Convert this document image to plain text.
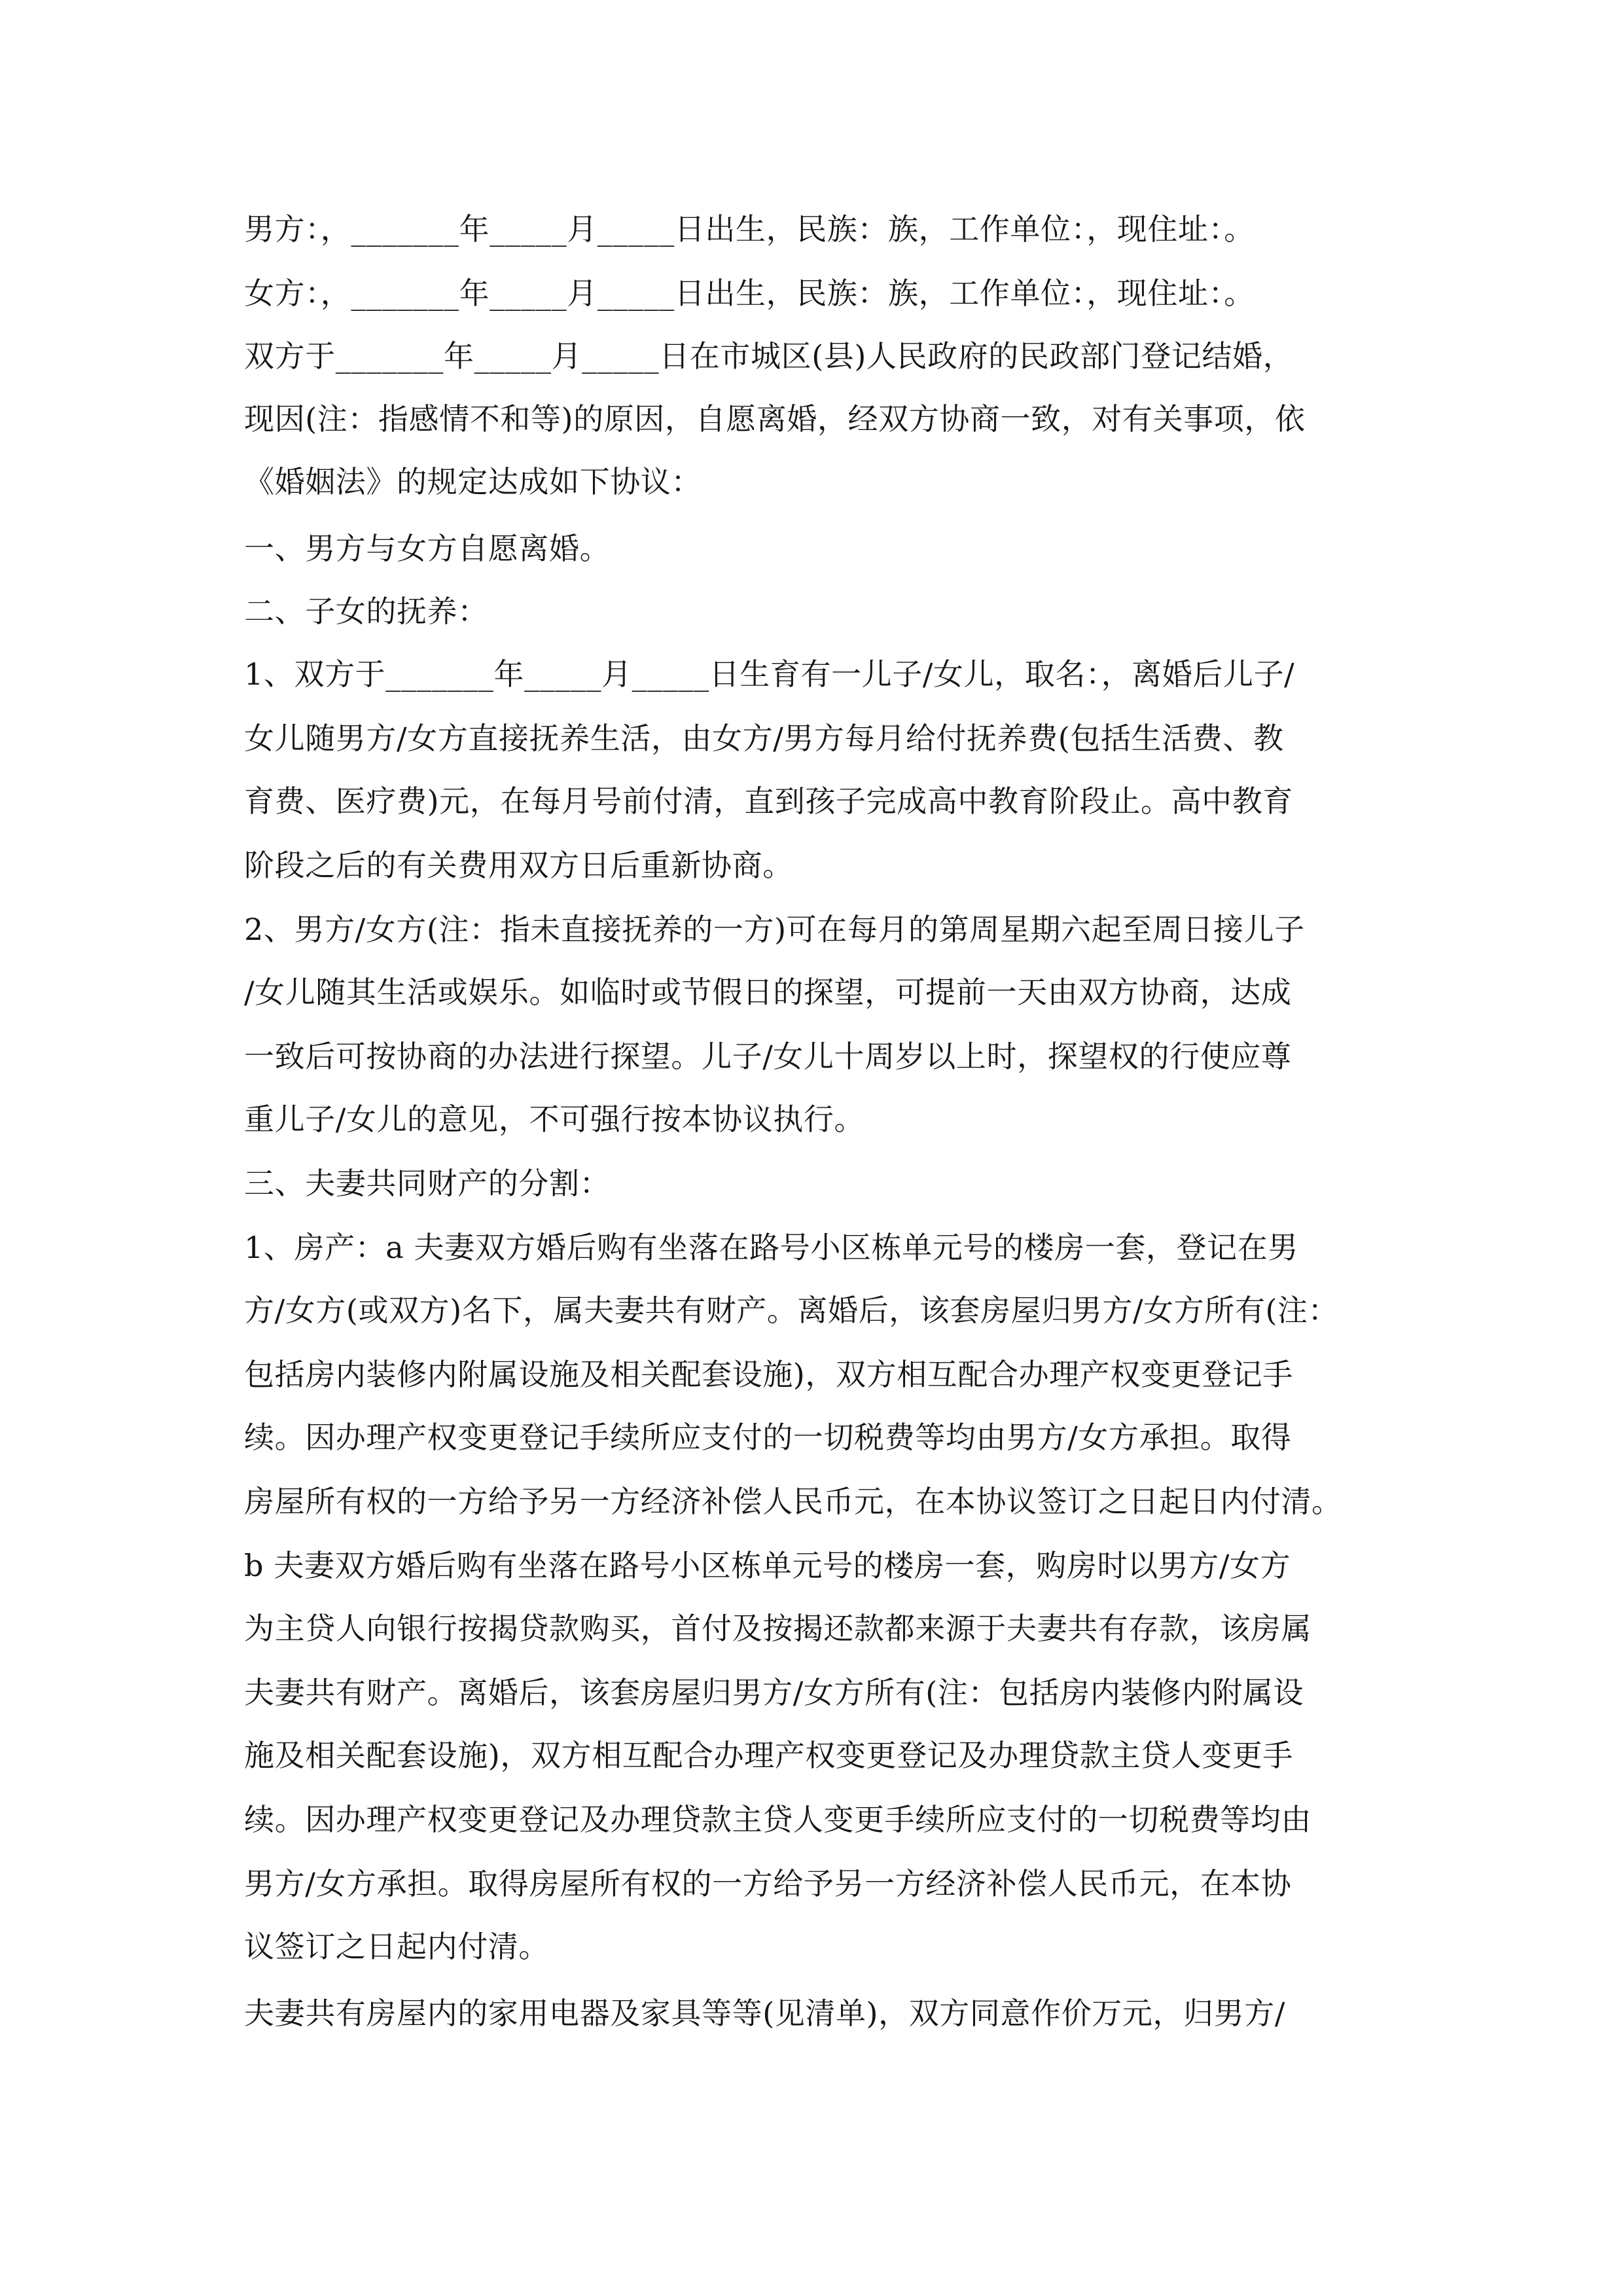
男方：，_______年_____月_____日出生，民族：族，工作单位：，现住址：。
女方：，_______年_____月_____日出生，民族：族，工作单位：，现住址：。
双方于_______年_____月_____日在市城区(县)人民政府的民政部门登记结婚，
现因(注：指感情不和等)的原因，自愿离婚，经双方协商一致，对有关事项，依
《婚姻法》的规定达成如下协议：
一、男方与女方自愿离婚。
二、子女的抚养：
1、双方于_______年_____月_____日生育有一儿子/女儿，取名：，离婚后儿子/
女儿随男方/女方直接抚养生活，由女方/男方每月给付抚养费(包括生活费、教
育费、医疗费)元，在每月号前付清，直到孩子完成高中教育阶段止。高中教育
阶段之后的有关费用双方日后重新协商。
2、男方/女方(注：指未直接抚养的一方)可在每月的第周星期六起至周日接儿子
/女儿随其生活或娱乐。如临时或节假日的探望，可提前一天由双方协商，达成
一致后可按协商的办法进行探望。儿子/女儿十周岁以上时，探望权的行使应尊
重儿子/女儿的意见，不可强行按本协议执行。
三、夫妻共同财产的分割：
1、房产：a 夫妻双方婚后购有坐落在路号小区栋单元号的楼房一套，登记在男
方/女方(或双方)名下，属夫妻共有财产。离婚后，该套房屋归男方/女方所有(注：
包括房内装修内附属设施及相关配套设施)，双方相互配合办理产权变更登记手
续。因办理产权变更登记手续所应支付的一切税费等均由男方/女方承担。取得
房屋所有权的一方给予另一方经济补偿人民币元，在本协议签订之日起日内付清。
b 夫妻双方婚后购有坐落在路号小区栋单元号的楼房一套，购房时以男方/女方
为主贷人向银行按揭贷款购买，首付及按揭还款都来源于夫妻共有存款，该房属
夫妻共有财产。离婚后，该套房屋归男方/女方所有(注：包括房内装修内附属设
施及相关配套设施)，双方相互配合办理产权变更登记及办理贷款主贷人变更手
续。因办理产权变更登记及办理贷款主贷人变更手续所应支付的一切税费等均由
男方/女方承担。取得房屋所有权的一方给予另一方经济补偿人民币元，在本协
议签订之日起内付清。
夫妻共有房屋内的家用电器及家具等等(见清单)，双方同意作价万元，归男方/
